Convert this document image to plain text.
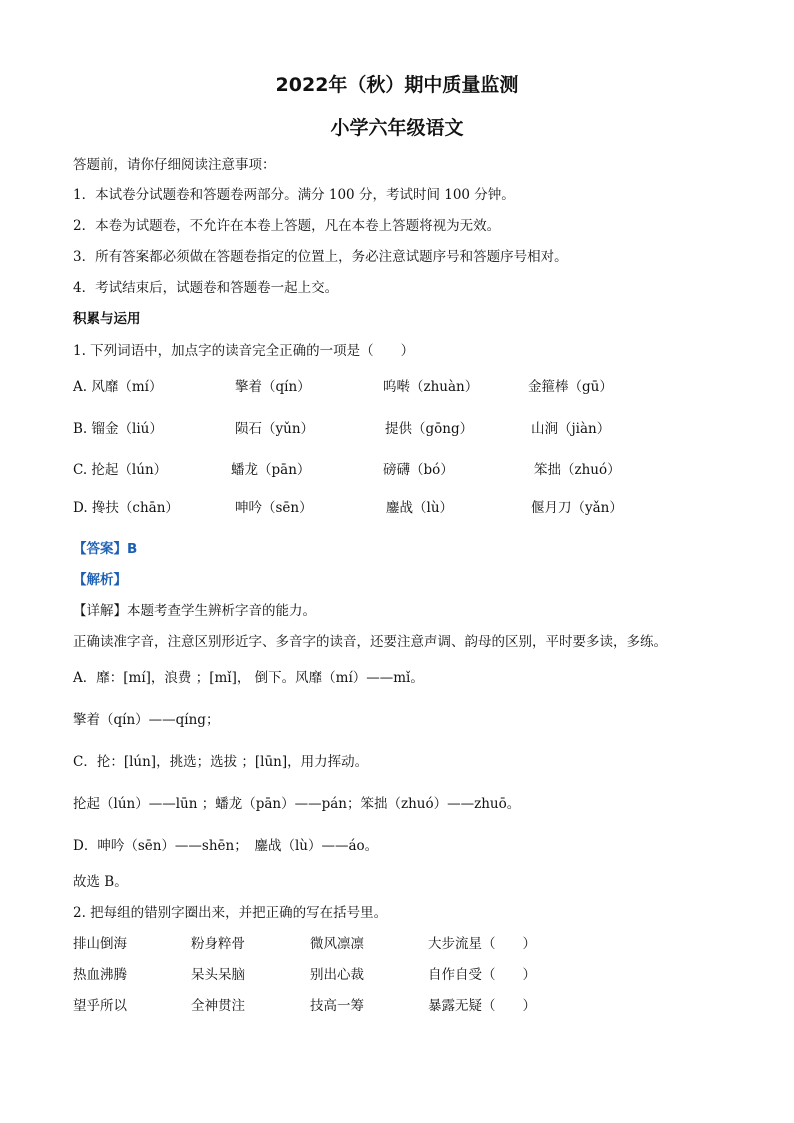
2022年（秋）期中质量监测
小学六年级语文
答题前，请你仔细阅读注意事项：
1．本试卷分试题卷和答题卷两部分。满分 100 分，考试时间 100 分钟。
2．本卷为试题卷，不允许在本卷上答题，凡在本卷上答题将视为无效。
3．所有答案都必须做在答题卷指定的位置上，务必注意试题序号和答题序号相对。
4．考试结束后，试题卷和答题卷一起上交。
积累与运用
1. 下列词语中，加点字的读音完全正确的一项是（　　）
A. 风靡（mí）	擎着（qín）	呜啭（zhuàn）	金箍棒（gū）
B. 镏金（liú）	陨石（yǔn）	提供（gōng）	山涧（jiàn）
C. 抡起（lún）	蟠龙（pān）	磅礴（bó）	笨拙（zhuó）
D. 搀扶（chān）	呻吟（sēn）	鏖战（lù）	偃月刀（yǎn）
【答案】B
【解析】
【详解】本题考查学生辨析字音的能力。
正确读准字音，注意区别形近字、多音字的读音，还要注意声调、韵母的区别，平时要多读，多练。
A．靡：[mí]，浪费 ；[mǐ]， 倒下。风靡（mí）——mǐ。
擎着（qín）——qíng；
C．抡：[lún]，挑选；选拔 ；[lūn]，用力挥动。
抡起（lún）——lūn ；蟠龙（pān）——pán；笨拙（zhuó）——zhuō。
D．呻吟（sēn）——shēn；　鏖战（lù）——áo。
故选 B。
2. 把每组的错别字圈出来，并把正确的写在括号里。
排山倒海	粉身粹骨	微风凛凛	大步流星（　　）
热血沸腾	呆头呆脑	别出心裁	自作自受（　　）
望乎所以	全神贯注	技高一筹	暴露无疑（　　）
